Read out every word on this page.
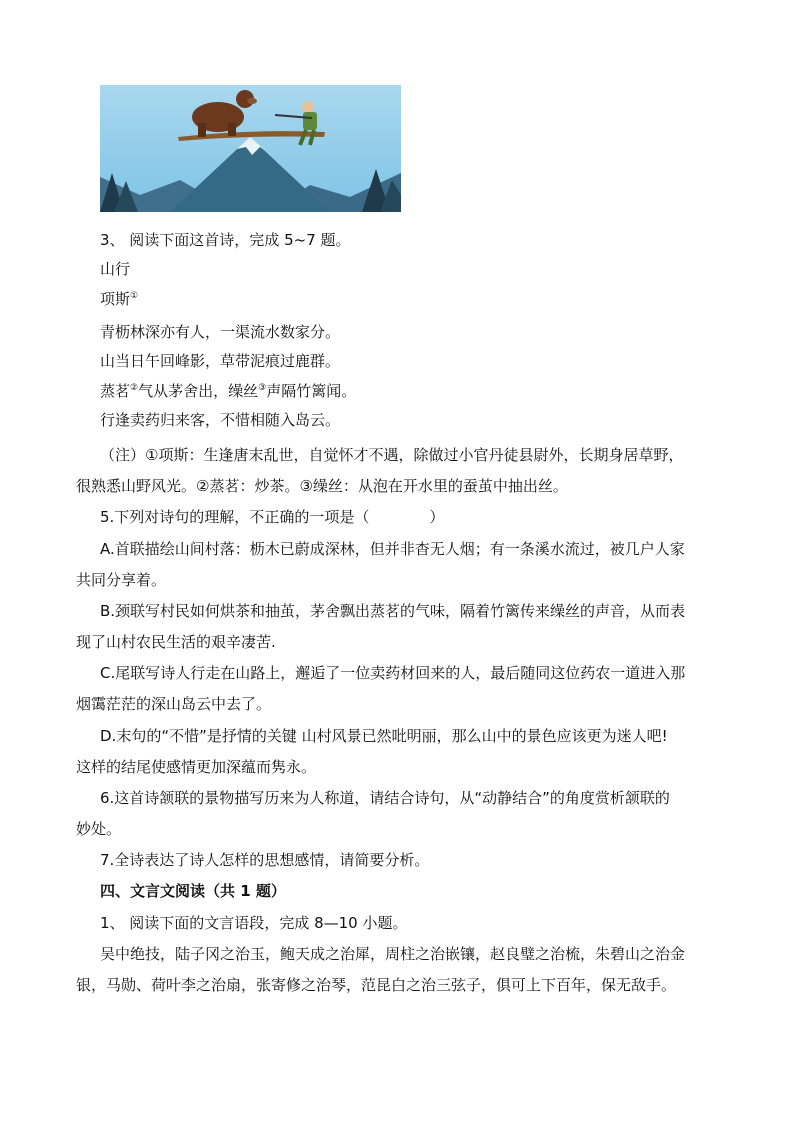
3、 阅读下面这首诗，完成 5~7 题。
山行
项斯①
青枥林深亦有人，一渠流水数家分。
山当日午回峰影，草带泥痕过鹿群。
蒸茗②气从茅舍出，缲丝③声隔竹篱闻。
行逢卖药归来客，不惜相随入岛云。
（注）①项斯：生逢唐末乱世，自觉怀才不遇，除做过小官丹徒县尉外，长期身居草野，
很熟悉山野风光。②蒸茗：炒茶。③缲丝：从泡在开水里的蚕茧中抽出丝。
5.下列对诗句的理解，不正确的一项是（	）
A.首联描绘山间村落：枥木已蔚成深林，但并非杳无人烟；有一条溪水流过，被几户人家
共同分享着。
B.颈联写村民如何烘茶和抽茧，茅舍飘出蒸茗的气味，隔着竹篱传来缲丝的声音，从而表
现了山村农民生活的艰辛凄苦.
C.尾联写诗人行走在山路上，邂逅了一位卖药材回来的人，最后随同这位药农一道进入那
烟霭茫茫的深山岛云中去了。
D.末句的“不惜”是抒情的关键 山村风景已然吡明丽，那么山中的景色应该更为迷人吧!
这样的结尾使感情更加深蕴而隽永。
6.这首诗颔联的景物描写历来为人称道，请结合诗句，从“动静结合”的角度赏析颔联的
妙处。
7.全诗表达了诗人怎样的思想感情，请简要分析。
四、文言文阅读（共 1 题）
1、 阅读下面的文言语段，完成 8—10 小题。
吴中绝技，陆子冈之治玉，鲍天成之治犀，周柱之治嵌镶，赵良璧之治梳，朱碧山之治金
银，马勋、荷叶李之治扇，张寄修之治琴，范昆白之治三弦子，俱可上下百年，保无敌手。
